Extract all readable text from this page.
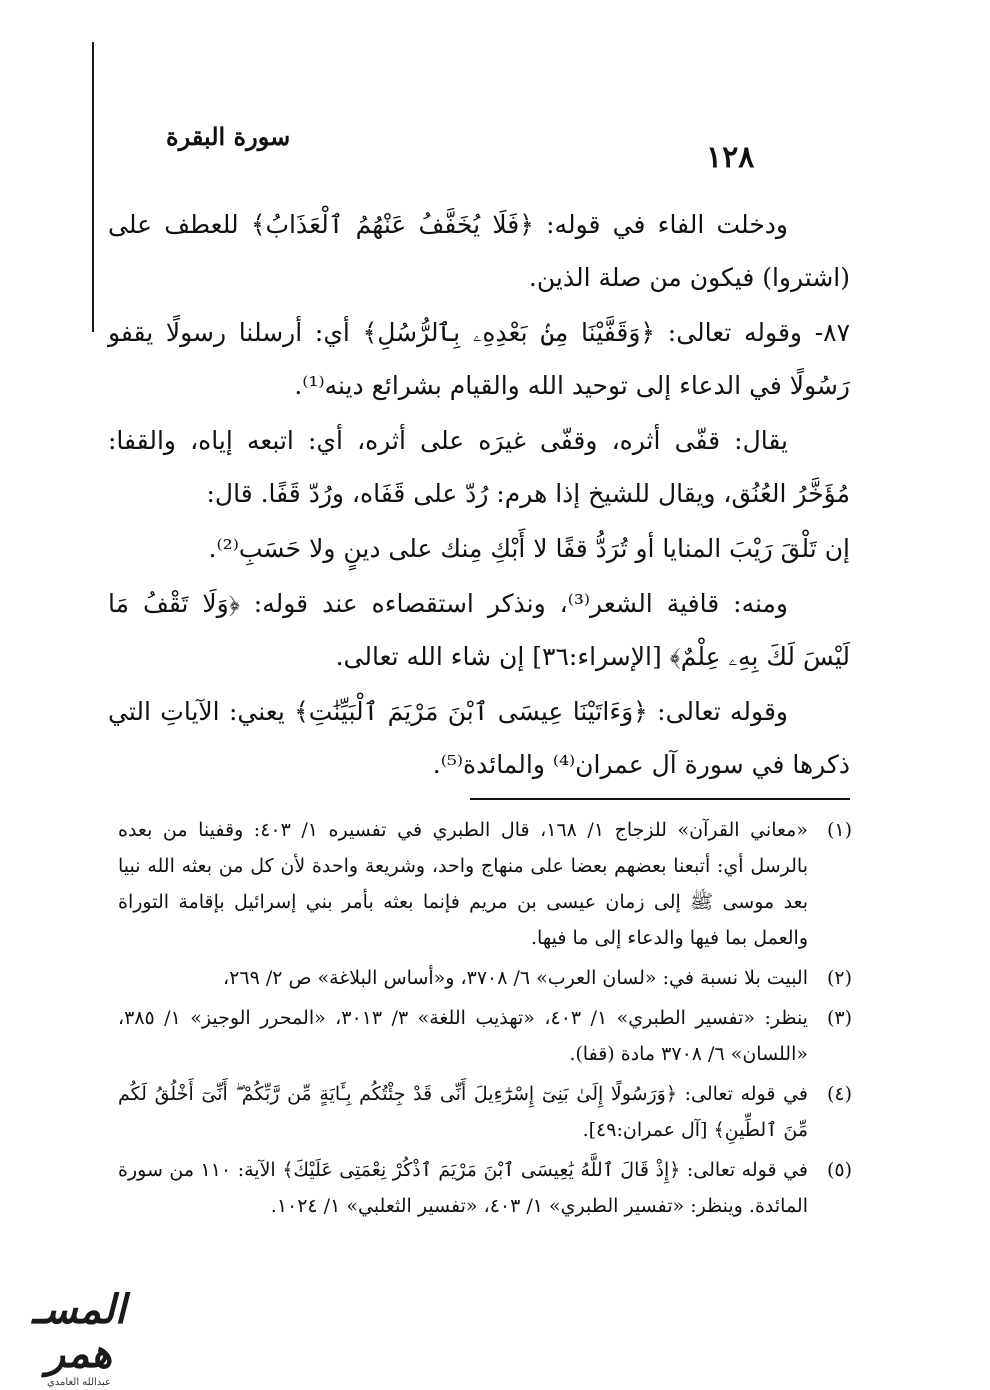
١٢٨
سورة البقرة

ودخلت الفاء في قوله: ﴿فَلَا يُخَفَّفُ عَنْهُمُ ٱلْعَذَابُ﴾ للعطف على (اشتروا) فيكون من صلة الذين.

٨٧- وقوله تعالى: ﴿وَقَفَّيْنَا مِنۢ بَعْدِهِۦ بِٱلرُّسُلِ﴾ أي: أرسلنا رسولًا يقفو رَسُولًا في الدعاء إلى توحيد الله والقيام بشرائع دينه⁽¹⁾.

يقال: قفّى أثره، وقفّى غيرَه على أثره، أي: اتبعه إياه، والقفا: مُؤَخَّرُ العُنُق، ويقال للشيخ إذا هرم: رُدّ على قَفَاه، ورُدّ قَفًا. قال:

إن تَلْقَ رَيْبَ المنايا أو تُرَدُّ قفًا لا أَبْكِ مِنك على دينٍ ولا حَسَبِ⁽²⁾.

ومنه: قافية الشعر⁽³⁾، ونذكر استقصاءه عند قوله: ﴿وَلَا تَقْفُ مَا لَيْسَ لَكَ بِهِۦ عِلْمٌ﴾ [الإسراء:٣٦] إن شاء الله تعالى.

وقوله تعالى: ﴿وَءَاتَيْنَا عِيسَى ٱبْنَ مَرْيَمَ ٱلْبَيِّنَٰتِ﴾ يعني: الآياتِ التي ذكرها في سورة آل عمران⁽⁴⁾ والمائدة⁽⁵⁾.

(١)
«معاني القرآن» للزجاج ١/ ١٦٨، قال الطبري في تفسيره ١/ ٤٠٣: وقفينا من بعده بالرسل أي: أتبعنا بعضهم بعضا على منهاج واحد، وشريعة واحدة لأن كل من بعثه الله نبيا بعد موسى ﷺ إلى زمان عيسى بن مريم فإنما بعثه بأمر بني إسرائيل بإقامة التوراة والعمل بما فيها والدعاء إلى ما فيها.
(٢)
البيت بلا نسبة في: «لسان العرب» ٦/ ٣٧٠٨، و«أساس البلاغة» ص ٢/ ٢٦٩،
(٣)
ينظر: «تفسير الطبري» ١/ ٤٠٣، «تهذيب اللغة» ٣/ ٣٠١٣، «المحرر الوجيز» ١/ ٣٨٥، «اللسان» ٦/ ٣٧٠٨ مادة (قفا).
(٤)
في قوله تعالى: ﴿وَرَسُولًا إِلَىٰ بَنِىٓ إِسْرَٰٓءِيلَ أَنِّى قَدْ جِئْتُكُم بِـَٔايَةٍ مِّن رَّبِّكُمْ ۖ أَنِّىٓ أَخْلُقُ لَكُم مِّنَ ٱلطِّينِ﴾ [آل عمران:٤٩].
(٥)
في قوله تعالى: ﴿إِذْ قَالَ ٱللَّهُ يَٰعِيسَى ٱبْنَ مَرْيَمَ ٱذْكُرْ نِعْمَتِى عَلَيْكَ﴾ الآية: ١١٠ من سورة المائدة. وينظر: «تفسير الطبري» ١/ ٤٠٣، «تفسير الثعلبي» ١/ ١٠٢٤.
المسـ همر
عبدالله الغامدي
